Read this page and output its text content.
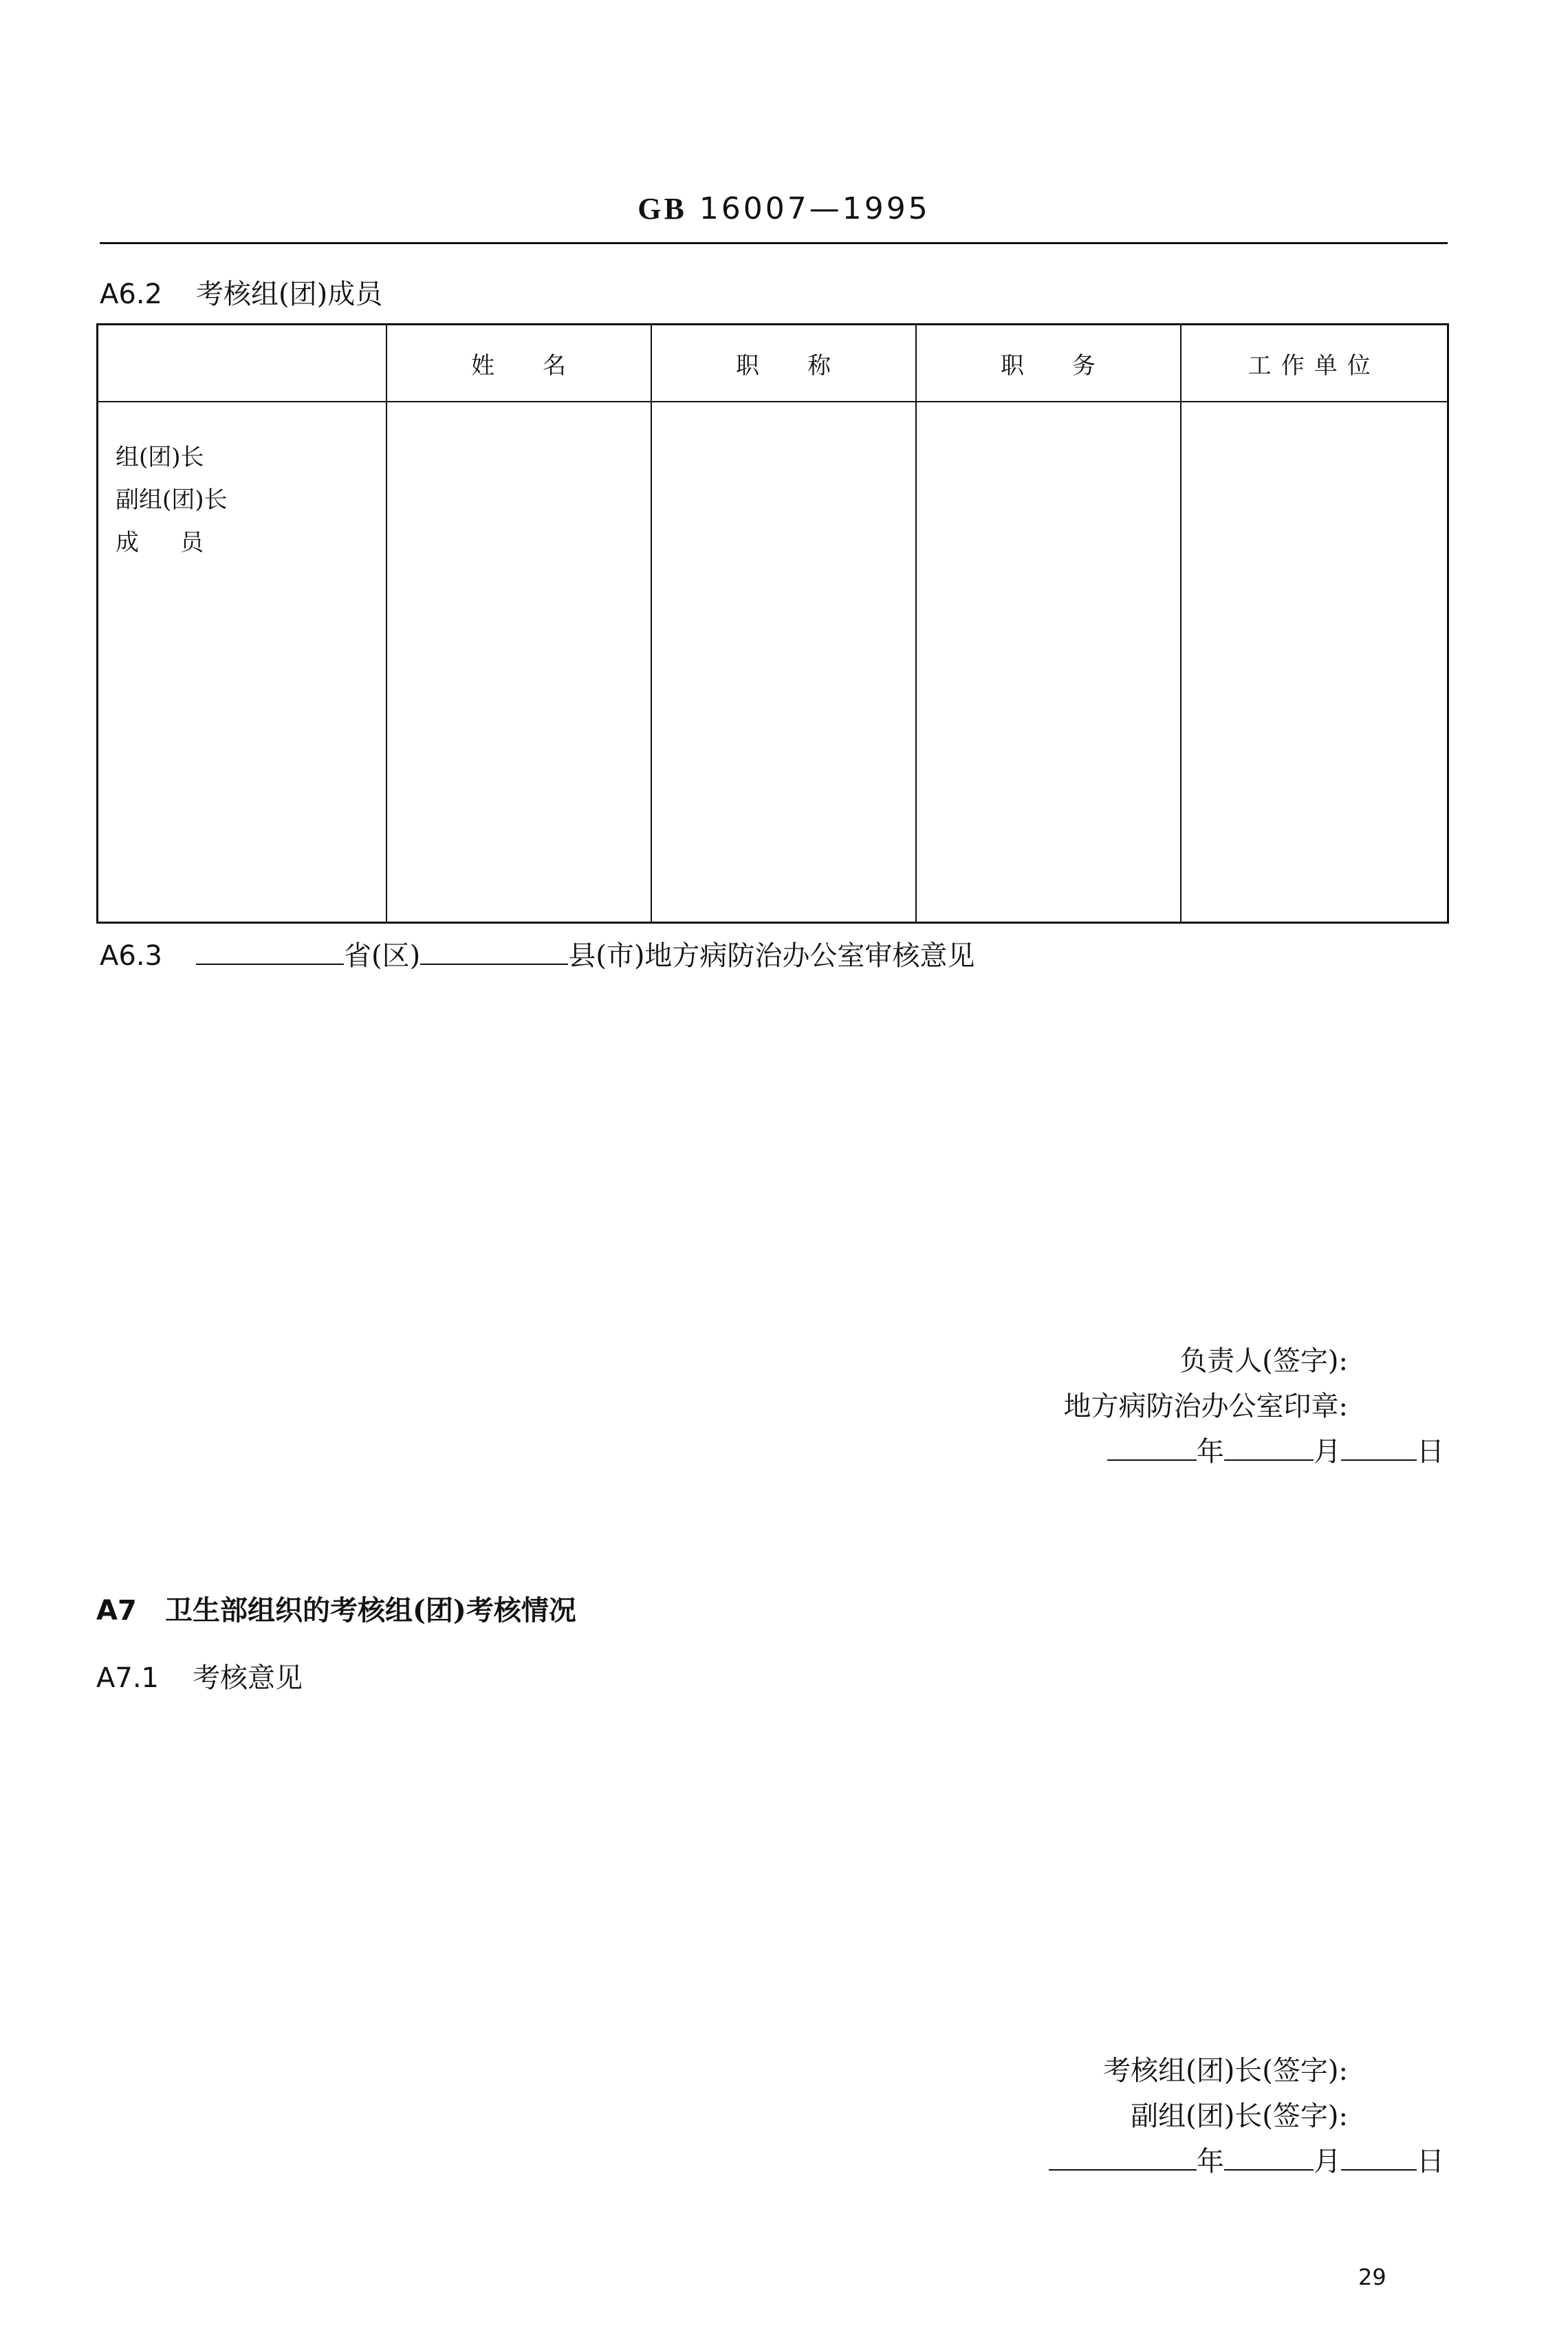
GB 16007—1995
A6.2 考核组(团)成员
	姓名	职称	职务	工作单位

组(团)长
副组(团)长
成员				

A6.3	省(区)	县(市)地方病防治办公室审核意见
负责人(签字):
地方病防治办公室印章:
年	月	日
A7 卫生部组织的考核组(团)考核情况
A7.1 考核意见
考核组(团)长(签字):
副组(团)长(签字):
年	月	日
29
